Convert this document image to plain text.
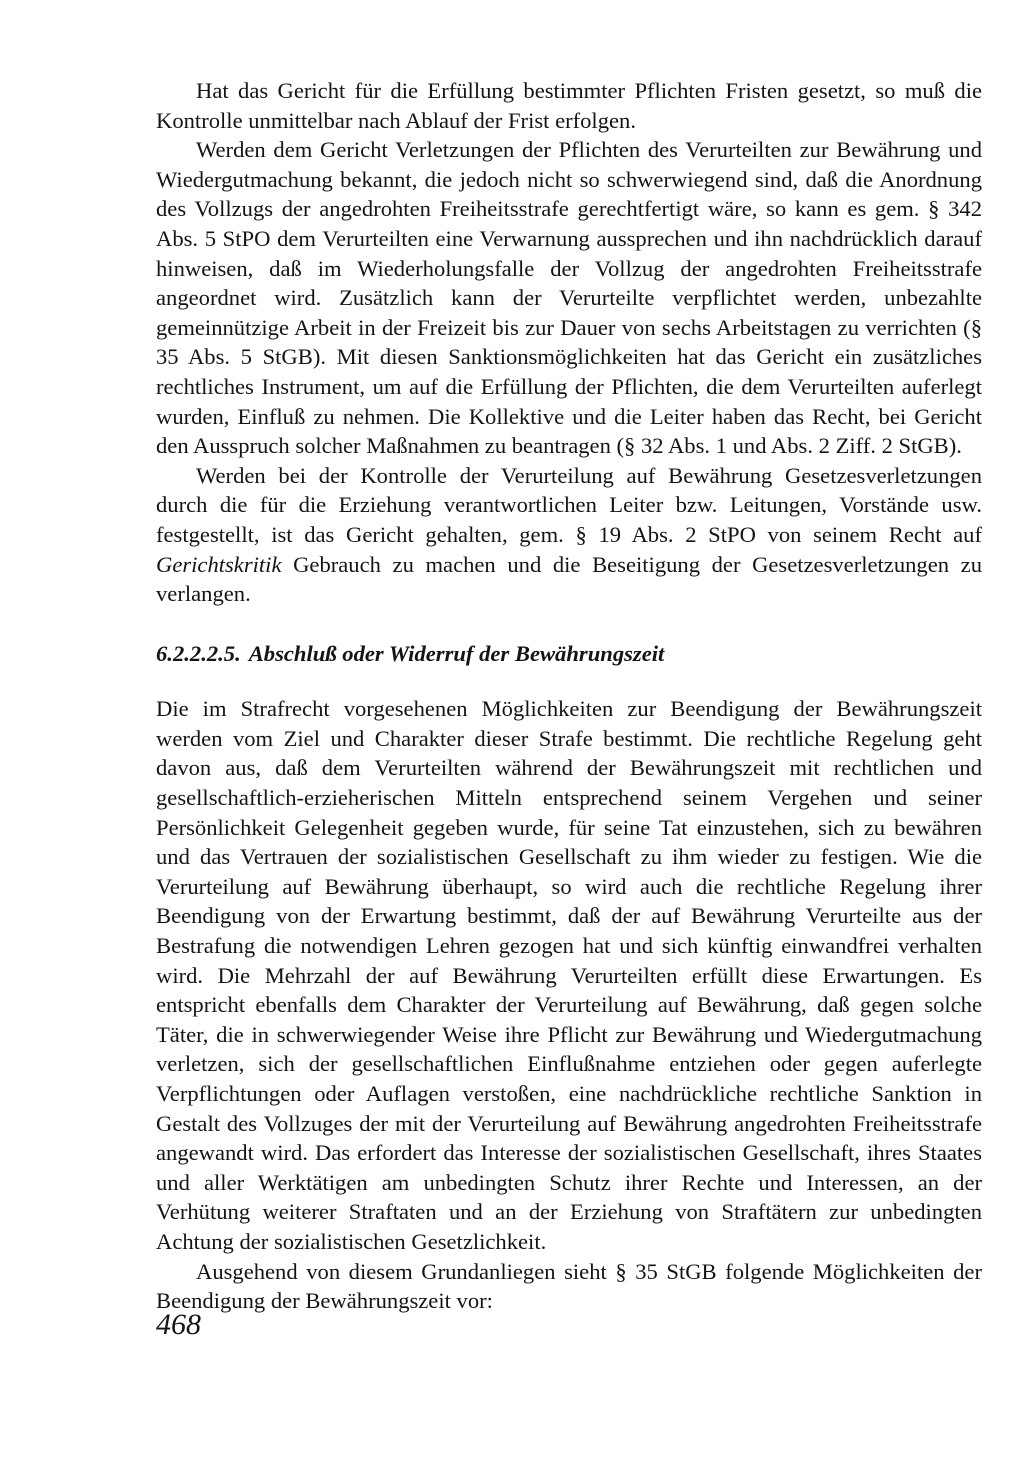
Hat das Gericht für die Erfüllung bestimmter Pflichten Fristen gesetzt, so muß die Kontrolle unmittelbar nach Ablauf der Frist erfolgen.

Werden dem Gericht Verletzungen der Pflichten des Verurteilten zur Bewährung und Wiedergutmachung bekannt, die jedoch nicht so schwerwiegend sind, daß die Anordnung des Vollzugs der angedrohten Freiheitsstrafe gerechtfertigt wäre, so kann es gem. § 342 Abs. 5 StPO dem Verurteilten eine Verwarnung aussprechen und ihn nachdrücklich darauf hinweisen, daß im Wiederholungsfalle der Vollzug der angedrohten Freiheitsstrafe angeordnet wird. Zusätzlich kann der Verurteilte verpflichtet werden, unbezahlte gemeinnützige Arbeit in der Freizeit bis zur Dauer von sechs Arbeitstagen zu verrichten (§ 35 Abs. 5 StGB). Mit diesen Sanktionsmöglichkeiten hat das Gericht ein zusätzliches rechtliches Instrument, um auf die Erfüllung der Pflichten, die dem Verurteilten auferlegt wurden, Einfluß zu nehmen. Die Kollektive und die Leiter haben das Recht, bei Gericht den Ausspruch solcher Maßnahmen zu beantragen (§ 32 Abs. 1 und Abs. 2 Ziff. 2 StGB).

Werden bei der Kontrolle der Verurteilung auf Bewährung Gesetzesverletzungen durch die für die Erziehung verantwortlichen Leiter bzw. Leitungen, Vorstände usw. festgestellt, ist das Gericht gehalten, gem. § 19 Abs. 2 StPO von seinem Recht auf Gerichtskritik Gebrauch zu machen und die Beseitigung der Gesetzesverletzungen zu verlangen.

6.2.2.2.5. Abschluß oder Widerruf der Bewährungszeit

Die im Strafrecht vorgesehenen Möglichkeiten zur Beendigung der Bewährungszeit werden vom Ziel und Charakter dieser Strafe bestimmt. Die rechtliche Regelung geht davon aus, daß dem Verurteilten während der Bewährungszeit mit rechtlichen und gesellschaftlich-erzieherischen Mitteln entsprechend seinem Vergehen und seiner Persönlichkeit Gelegenheit gegeben wurde, für seine Tat einzustehen, sich zu bewähren und das Vertrauen der sozialistischen Gesellschaft zu ihm wieder zu festigen. Wie die Verurteilung auf Bewährung überhaupt, so wird auch die rechtliche Regelung ihrer Beendigung von der Erwartung bestimmt, daß der auf Bewährung Verurteilte aus der Bestrafung die notwendigen Lehren gezogen hat und sich künftig einwandfrei verhalten wird. Die Mehrzahl der auf Bewährung Verurteilten erfüllt diese Erwartungen. Es entspricht ebenfalls dem Charakter der Verurteilung auf Bewährung, daß gegen solche Täter, die in schwerwiegender Weise ihre Pflicht zur Bewährung und Wiedergutmachung verletzen, sich der gesellschaftlichen Einflußnahme entziehen oder gegen auferlegte Verpflichtungen oder Auflagen verstoßen, eine nachdrückliche rechtliche Sanktion in Gestalt des Vollzuges der mit der Verurteilung auf Bewährung angedrohten Freiheitsstrafe angewandt wird. Das erfordert das Interesse der sozialistischen Gesellschaft, ihres Staates und aller Werktätigen am unbedingten Schutz ihrer Rechte und Interessen, an der Verhütung weiterer Straftaten und an der Erziehung von Straftätern zur unbedingten Achtung der sozialistischen Gesetzlichkeit.

Ausgehend von diesem Grundanliegen sieht § 35 StGB folgende Möglichkeiten der Beendigung der Bewährungszeit vor:

468
